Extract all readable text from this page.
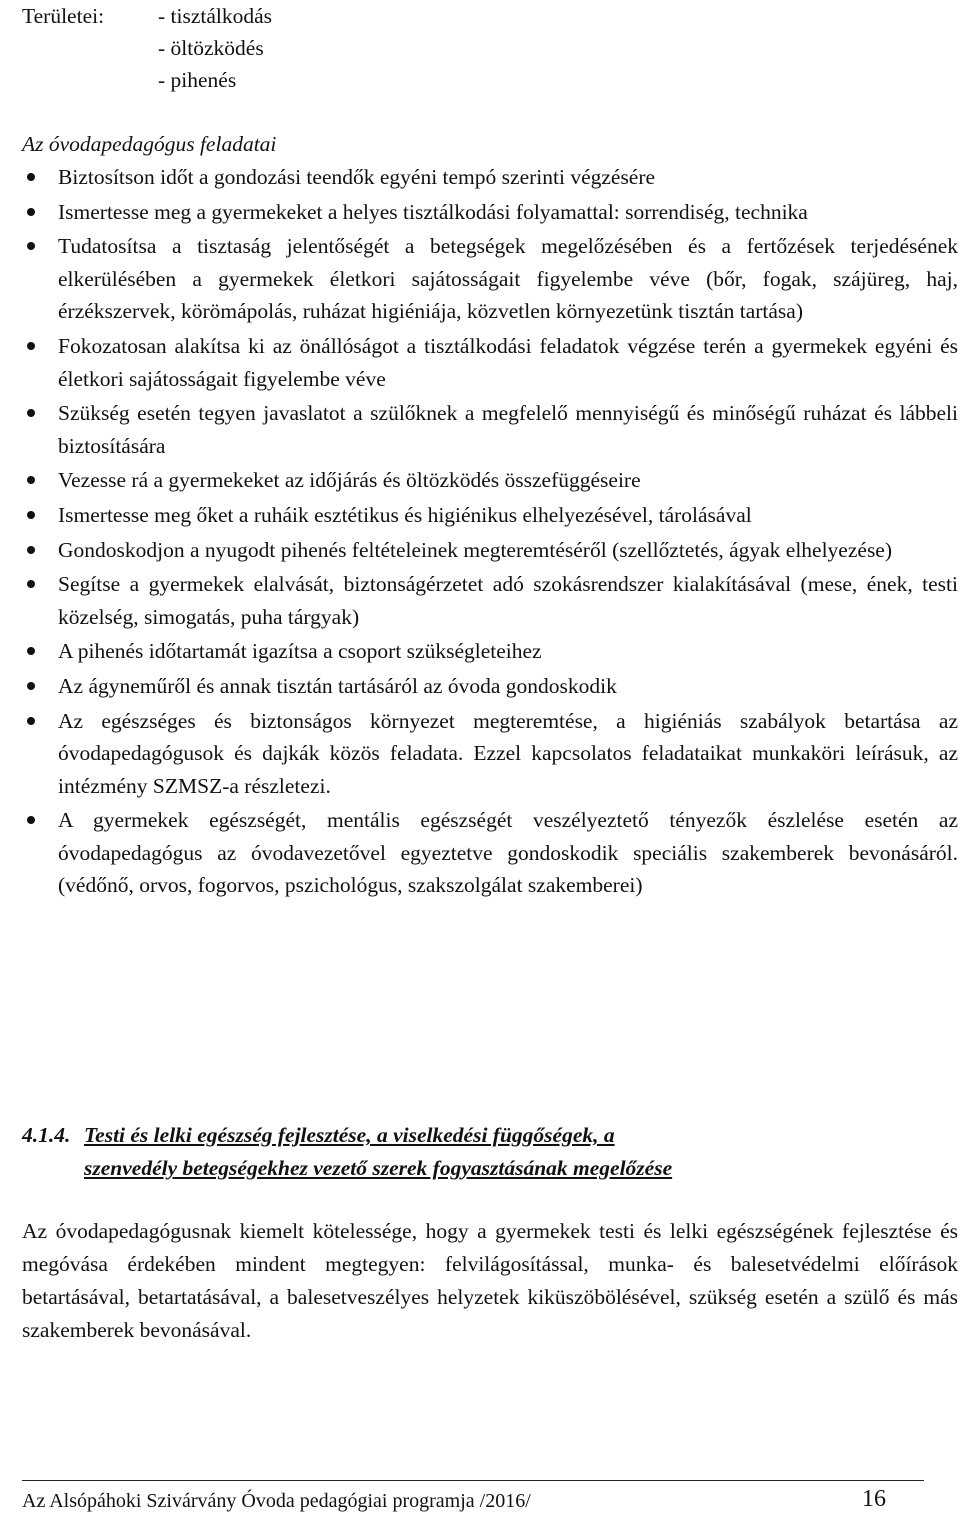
Területei:	- tisztálkodás
- öltözködés
- pihenés
Az óvodapedagógus feladatai
Biztosítson időt a gondozási teendők egyéni tempó szerinti végzésére
Ismertesse meg a gyermekeket a helyes tisztálkodási folyamattal: sorrendiség, technika
Tudatosítsa a tisztaság jelentőségét a betegségek megelőzésében és a fertőzések terjedésének elkerülésében a gyermekek életkori sajátosságait figyelembe véve (bőr, fogak, szájüreg, haj, érzékszervek, körömápolás, ruházat higiéniája, közvetlen környezetünk tisztán tartása)
Fokozatosan alakítsa ki az önállóságot a tisztálkodási feladatok végzése terén a gyermekek egyéni és életkori sajátosságait figyelembe véve
Szükség esetén tegyen javaslatot a szülőknek a megfelelő mennyiségű és minőségű ruházat és lábbeli biztosítására
Vezesse rá a gyermekeket az időjárás és öltözködés összefüggéseire
Ismertesse meg őket a ruháik esztétikus és higiénikus elhelyezésével, tárolásával
Gondoskodjon a nyugodt pihenés feltételeinek megteremtéséről (szellőztetés, ágyak elhelyezése)
Segítse a gyermekek elalvását, biztonságérzetet adó szokásrendszer kialakításával (mese, ének, testi közelség, simogatás, puha tárgyak)
A pihenés időtartamát igazítsa a csoport szükségleteihez
Az ágyneműről és annak tisztán tartásáról az óvoda gondoskodik
Az egészséges és biztonságos környezet megteremtése, a higiéniás szabályok betartása az óvodapedagógusok és dajkák közös feladata. Ezzel kapcsolatos feladataikat munkaköri leírásuk, az intézmény SZMSZ-a részletezi.
A gyermekek egészségét, mentális egészségét veszélyeztető tényezők észlelése esetén az óvodapedagógus az óvodavezetővel egyeztetve gondoskodik speciális szakemberek bevonásáról. (védőnő, orvos, fogorvos, pszichológus, szakszolgálat szakemberei)
4.1.4. Testi és lelki egészség fejlesztése, a viselkedési függőségek, a
szenvedély betegségekhez vezető szerek fogyasztásának megelőzése
Az óvodapedagógusnak kiemelt kötelessége, hogy a gyermekek testi és lelki egészségének fejlesztése és megóvása érdekében mindent megtegyen: felvilágosítással, munka- és balesetvédelmi előírások betartásával, betartatásával, a balesetveszélyes helyzetek kiküszöbölésével, szükség esetén a szülő és más szakemberek bevonásával.
Az Alsópáhoki Szivárvány Óvoda pedagógiai programja /2016/	16
